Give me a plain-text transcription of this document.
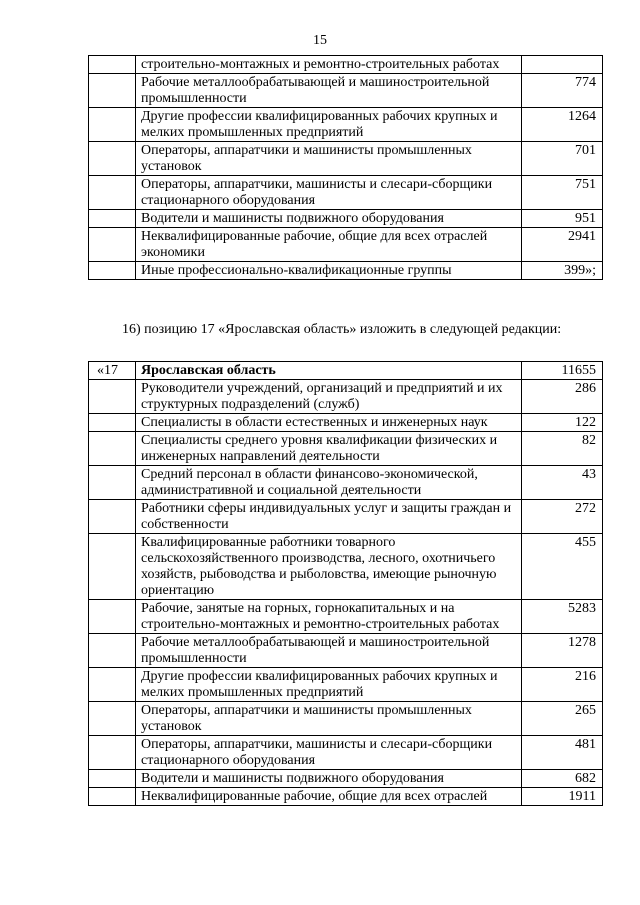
15
	строительно-монтажных и ремонтно-строительных работах	
	Рабочие металлообрабатывающей и машиностроительной промышленности	774
	Другие профессии квалифицированных рабочих крупных и мелких промышленных предприятий	1264
	Операторы, аппаратчики и машинисты промышленных установок	701
	Операторы, аппаратчики, машинисты и слесари-сборщики стационарного оборудования	751
	Водители и машинисты подвижного оборудования	951
	Неквалифицированные рабочие, общие для всех отраслей экономики	2941
	Иные профессионально-квалификационные группы	399»;

16) позицию 17 «Ярославская область» изложить в следующей редакции:

«17	Ярославская область	11655
	Руководители учреждений, организаций и предприятий и их структурных подразделений (служб)	286
	Специалисты в области естественных и инженерных наук	122
	Специалисты среднего уровня квалификации физических и инженерных направлений деятельности	82
	Средний персонал в области финансово-экономической, административной и социальной деятельности	43
	Работники сферы индивидуальных услуг и защиты граждан и собственности	272
	Квалифицированные работники товарного сельскохозяйственного производства, лесного, охотничьего хозяйств, рыбоводства и рыболовства, имеющие рыночную ориентацию	455
	Рабочие, занятые на горных, горнокапитальных и на строительно-монтажных и ремонтно-строительных работах	5283
	Рабочие металлообрабатывающей и машиностроительной промышленности	1278
	Другие профессии квалифицированных рабочих крупных и мелких промышленных предприятий	216
	Операторы, аппаратчики и машинисты промышленных установок	265
	Операторы, аппаратчики, машинисты и слесари-сборщики стационарного оборудования	481
	Водители и машинисты подвижного оборудования	682
	Неквалифицированные рабочие, общие для всех отраслей	1911
